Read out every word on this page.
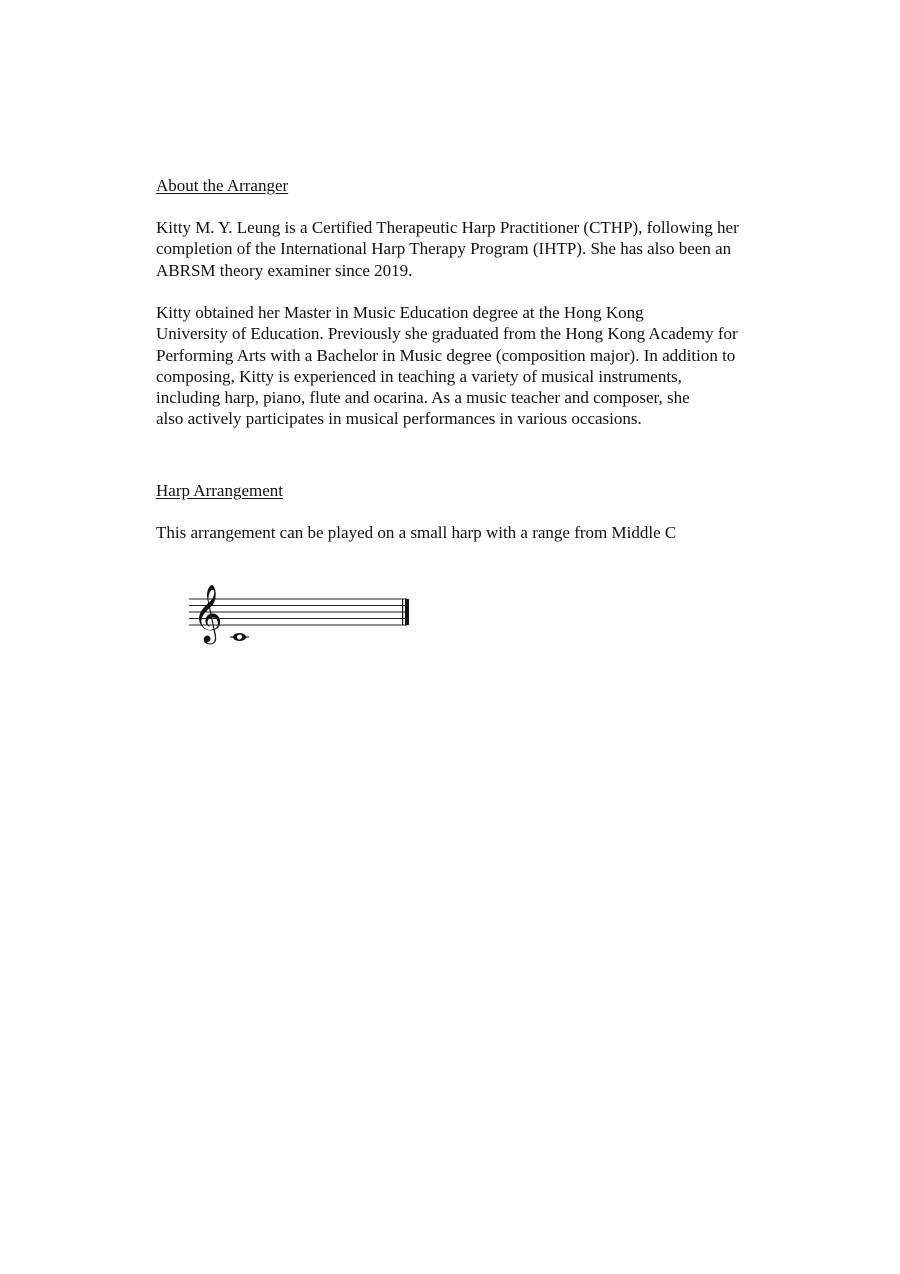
About the Arranger

Kitty M. Y. Leung is a Certified Therapeutic Harp Practitioner (CTHP), following her
completion of the International Harp Therapy Program (IHTP). She has also been an
ABRSM theory examiner since 2019.

Kitty obtained her Master in Music Education degree at the Hong Kong
University of Education. Previously she graduated from the Hong Kong Academy for
Performing Arts with a Bachelor in Music degree (composition major). In addition to
composing, Kitty is experienced in teaching a variety of musical instruments,
including harp, piano, flute and ocarina. As a music teacher and composer, she
also actively participates in musical performances in various occasions.

Harp Arrangement

This arrangement can be played on a small harp with a range from Middle C

𝄞
